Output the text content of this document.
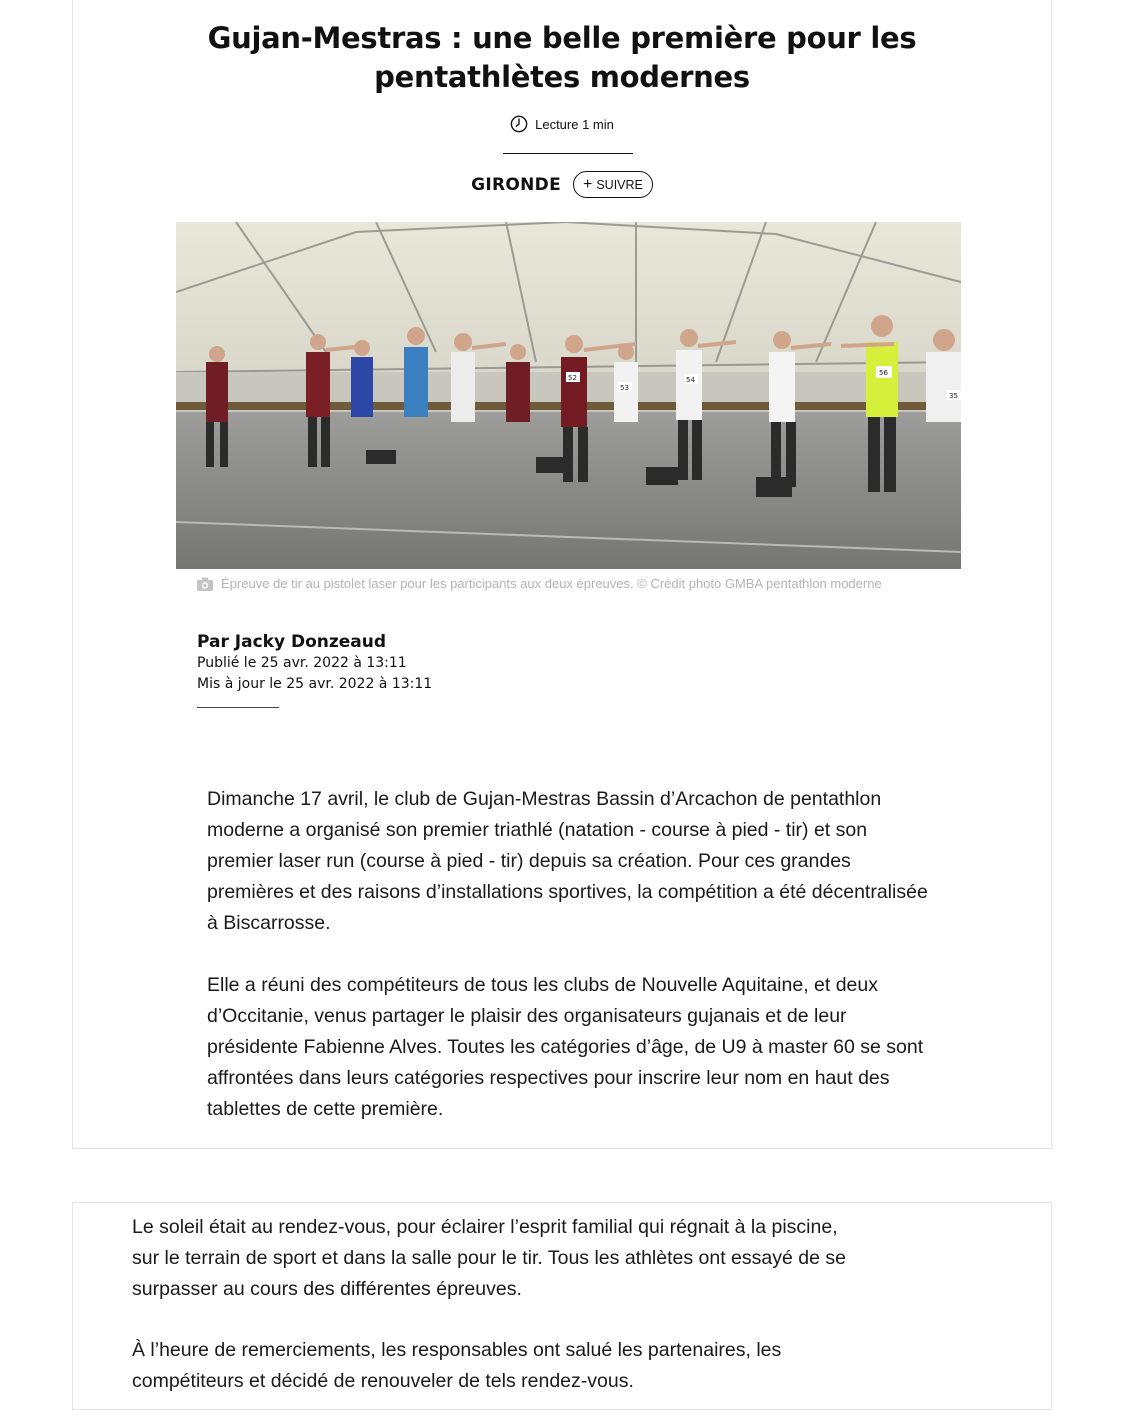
Gujan-Mestras : une belle première pour les pentathlètes modernes
Lecture 1 min
GIRONDE + SUIVRE
52
53
54
56
35
Épreuve de tir au pistolet laser pour les participants aux deux épreuves. © Crédit photo GMBA pentathlon moderne
Par Jacky Donzeaud
Publié le 25 avr. 2022 à 13:11
Mis à jour le 25 avr. 2022 à 13:11

Dimanche 17 avril, le club de Gujan-Mestras Bassin d’Arcachon de pentathlon moderne a organisé son premier triathlé (natation - course à pied - tir) et son premier laser run (course à pied - tir) depuis sa création. Pour ces grandes premières et des raisons d’installations sportives, la compétition a été décentralisée à Biscarrosse.

Elle a réuni des compétiteurs de tous les clubs de Nouvelle Aquitaine, et deux d’Occitanie, venus partager le plaisir des organisateurs gujanais et de leur présidente Fabienne Alves. Toutes les catégories d’âge, de U9 à master 60 se sont affrontées dans leurs catégories respectives pour inscrire leur nom en haut des tablettes de cette première.

Le soleil était au rendez-vous, pour éclairer l’esprit familial qui régnait à la piscine, sur le terrain de sport et dans la salle pour le tir. Tous les athlètes ont essayé de se surpasser au cours des différentes épreuves.

À l’heure de remerciements, les responsables ont salué les partenaires, les compétiteurs et décidé de renouveler de tels rendez-vous.
